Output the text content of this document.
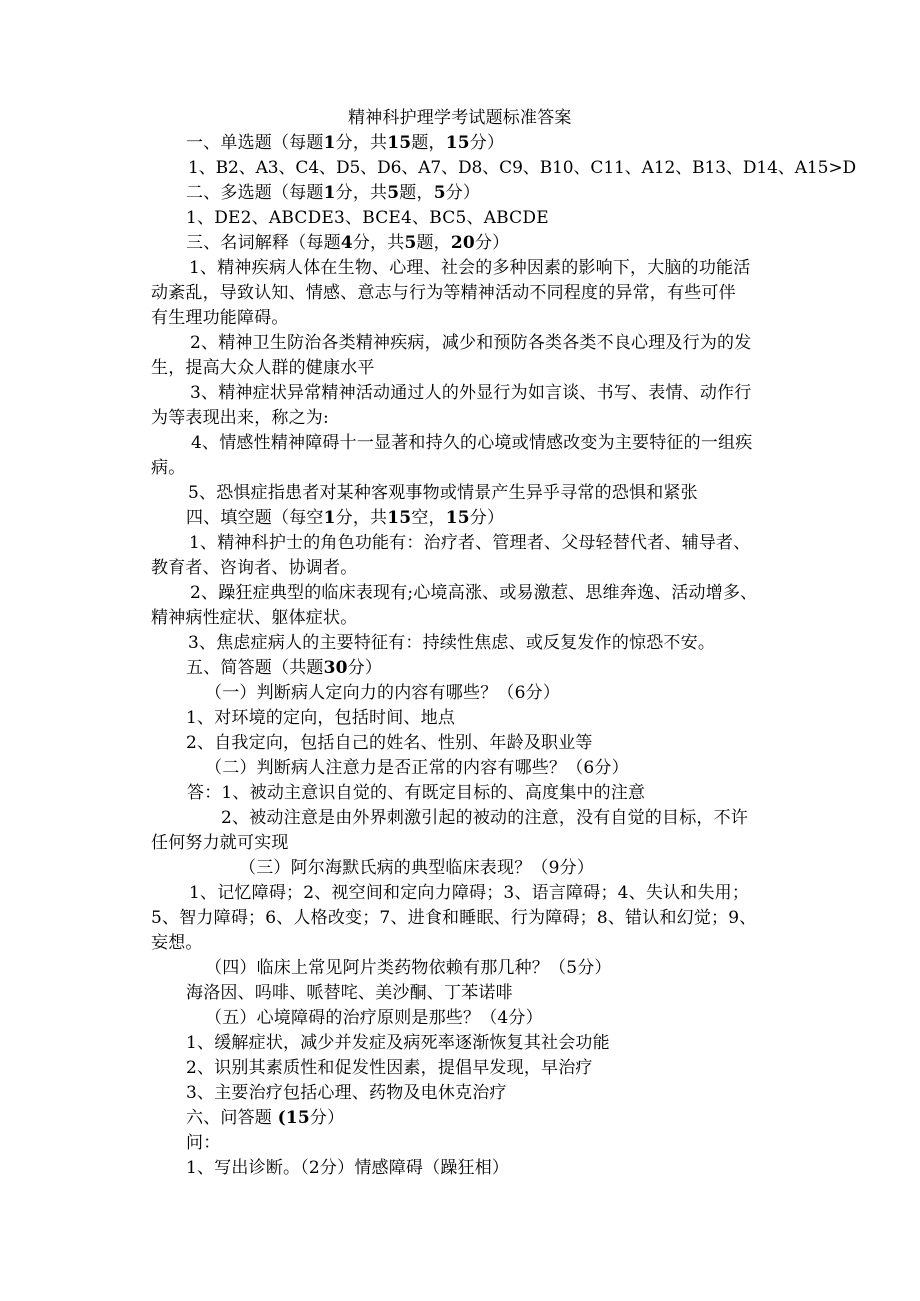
精神科护理学考试题标准答案
一、单选题（每题1分，共15题，15分）
1、B2、A3、C4、D5、D6、A7、D8、C9、B10、C11、A12、B13、D14、A15>D
二、多选题（每题1分，共5题，5分）
1、DE2、ABCDE3、BCE4、BC5、ABCDE
三、名词解释（每题4分，共5题，20分）
1、精神疾病人体在生物、心理、社会的多种因素的影响下，大脑的功能活
动紊乱，导致认知、情感、意志与行为等精神活动不同程度的异常，有些可伴
有生理功能障碍。
2、精神卫生防治各类精神疾病，减少和预防各类各类不良心理及行为的发
生，提高大众人群的健康水平
3、精神症状异常精神活动通过人的外显行为如言谈、书写、表情、动作行
为等表现出来，称之为:
4、情感性精神障碍十一显著和持久的心境或情感改变为主要特征的一组疾
病。
5、恐惧症指患者对某种客观事物或情景产生异乎寻常的恐惧和紧张
四、填空题（每空1分，共15空，15分）
1、精神科护士的角色功能有：治疗者、管理者、父母轻替代者、辅导者、
教育者、咨询者、协调者。
2、躁狂症典型的临床表现有;心境高涨、或易激惹、思维奔逸、活动增多、
精神病性症状、躯体症状。
3、焦虑症病人的主要特征有：持续性焦虑、或反复发作的惊恐不安。
五、简答题（共题30分）
（一）判断病人定向力的内容有哪些？（6分）
1、对环境的定向，包括时间、地点
2、自我定向，包括自己的姓名、性别、年龄及职业等
（二）判断病人注意力是否正常的内容有哪些？（6分）
答：1、被动主意识自觉的、有既定目标的、高度集中的注意
2、被动注意是由外界刺激引起的被动的注意，没有自觉的目标，不许
任何努力就可实现
（三）阿尔海默氏病的典型临床表现？（9分）
1、记忆障碍；2、视空间和定向力障碍；3、语言障碍；4、失认和失用；
5、智力障碍；6、人格改变；7、进食和睡眠、行为障碍；8、错认和幻觉；9、
妄想。
（四）临床上常见阿片类药物依赖有那几种？（5分）
海洛因、吗啡、哌替咤、美沙酮、丁苯诺啡
（五）心境障碍的治疗原则是那些？（4分）
1、缓解症状，减少并发症及病死率逐渐恢复其社会功能
2、识别其素质性和促发性因素，提倡早发现，早治疗
3、主要治疗包括心理、药物及电休克治疗
六、问答题 (15分）
问：
1、写出诊断。（2分）情感障碍（躁狂相）
